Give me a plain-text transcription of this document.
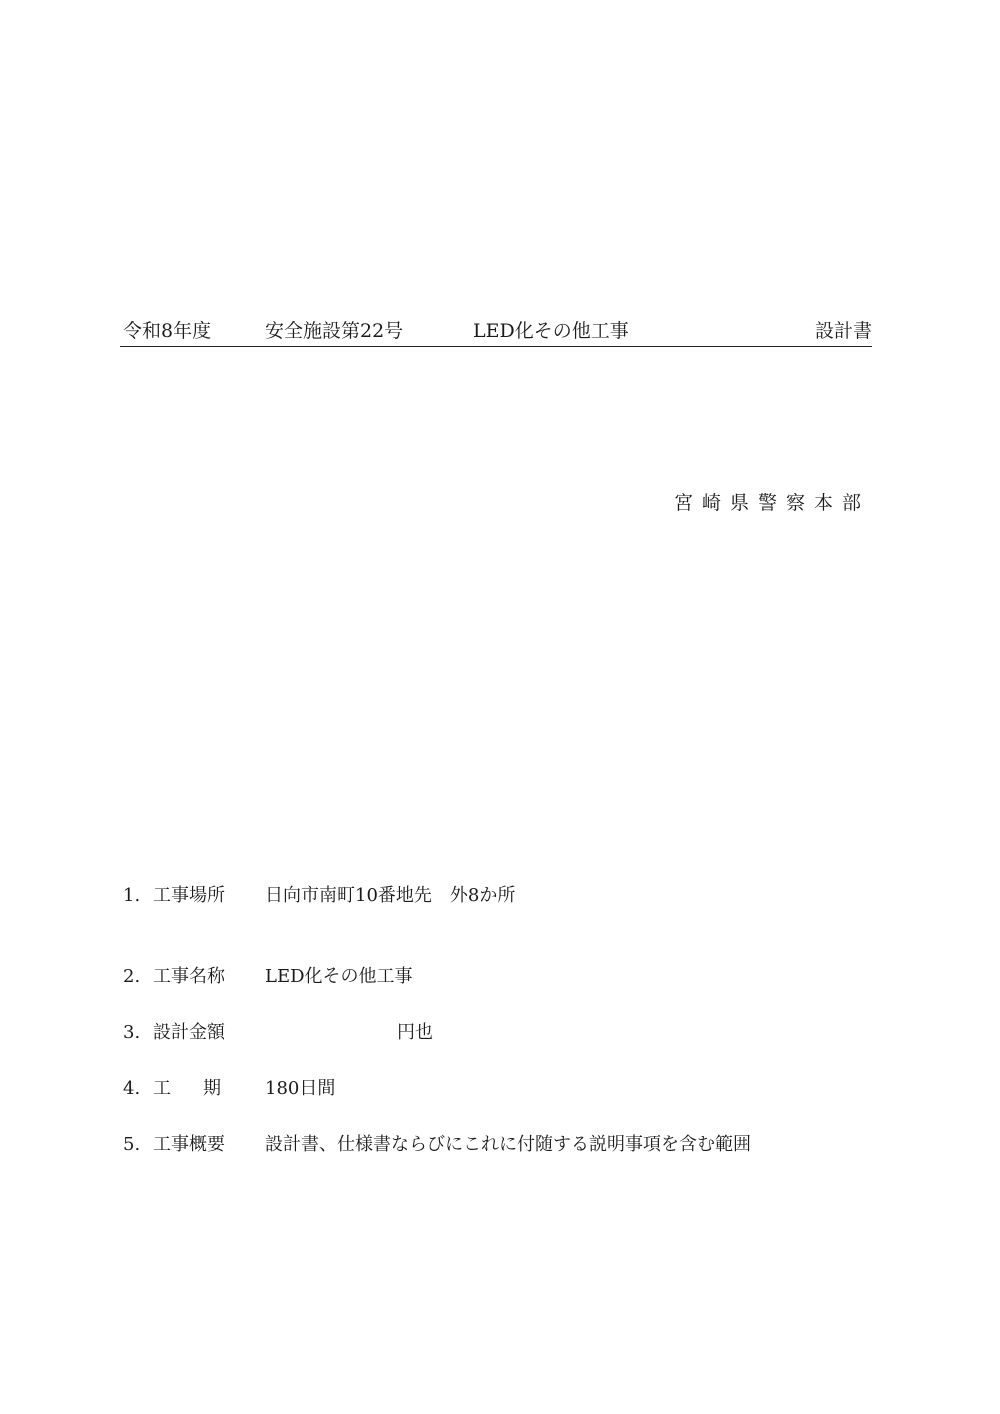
令和8年度	安全施設第22号	LED化その他工事	設計書
宮崎県警察本部
1. 工事場所 日向市南町10番地先　外8か所
2. 工事名称 LED化その他工事
3. 設計金額	円也
4. 工 期 180日間
5. 工事概要 設計書、仕様書ならびにこれに付随する説明事項を含む範囲
